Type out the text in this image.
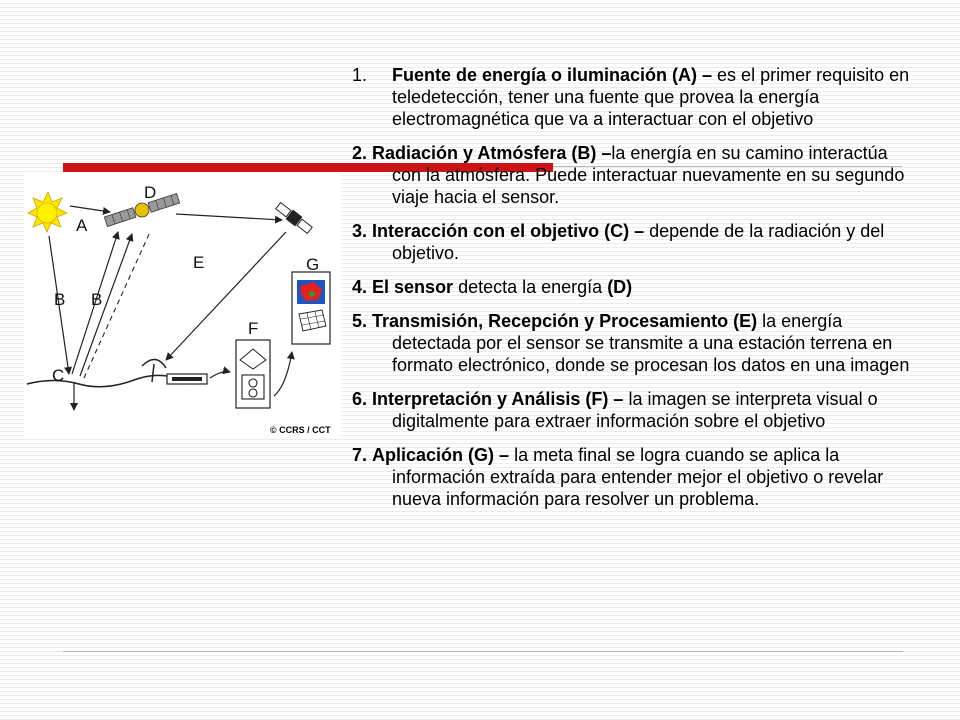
A
D
B B
C
E
F
G
© CCRS / CCT
1. Fuente de energía o iluminación (A) – es el primer requisito en teledetección, tener una fuente que provea la energía electromagnética que va a interactuar con el objetivo
2. Radiación y Atmósfera (B) –la energía en su camino interactúa con la atmósfera. Puede interactuar nuevamente en su segundo viaje hacia el sensor.
3. Interacción con el objetivo (C) – depende de la radiación y del objetivo.
4. El sensor detecta la energía (D)
5. Transmisión, Recepción y Procesamiento (E) la energía detectada por el sensor se transmite a una estación terrena en formato electrónico, donde se procesan los datos en una imagen
6. Interpretación y Análisis (F) – la imagen se interpreta visual o digitalmente para extraer información sobre el objetivo
7. Aplicación (G) – la meta final se logra cuando se aplica la información extraída para entender mejor el objetivo o revelar nueva información para resolver un problema.
